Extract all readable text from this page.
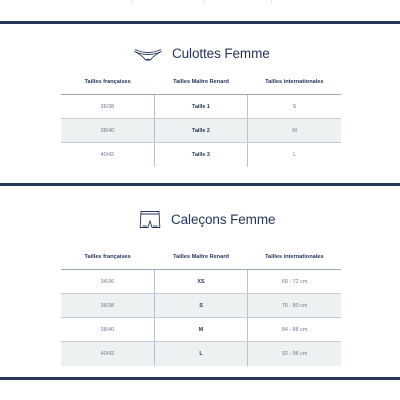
Culottes Femme
Tailles françaises	Tailles Maître Renard	Tailles internationales
36/38	Taille 1	S
38/40	Taille 2	M
40/42	Taille 3	L
Caleçons Femme
Tailles françaises	Tailles Maître Renard	Tailles internationales
34/36	XS	68 - 72 cm
36/38	S	76 - 80 cm
38/40	M	84 - 88 cm
40/42	L	92 - 96 cm
